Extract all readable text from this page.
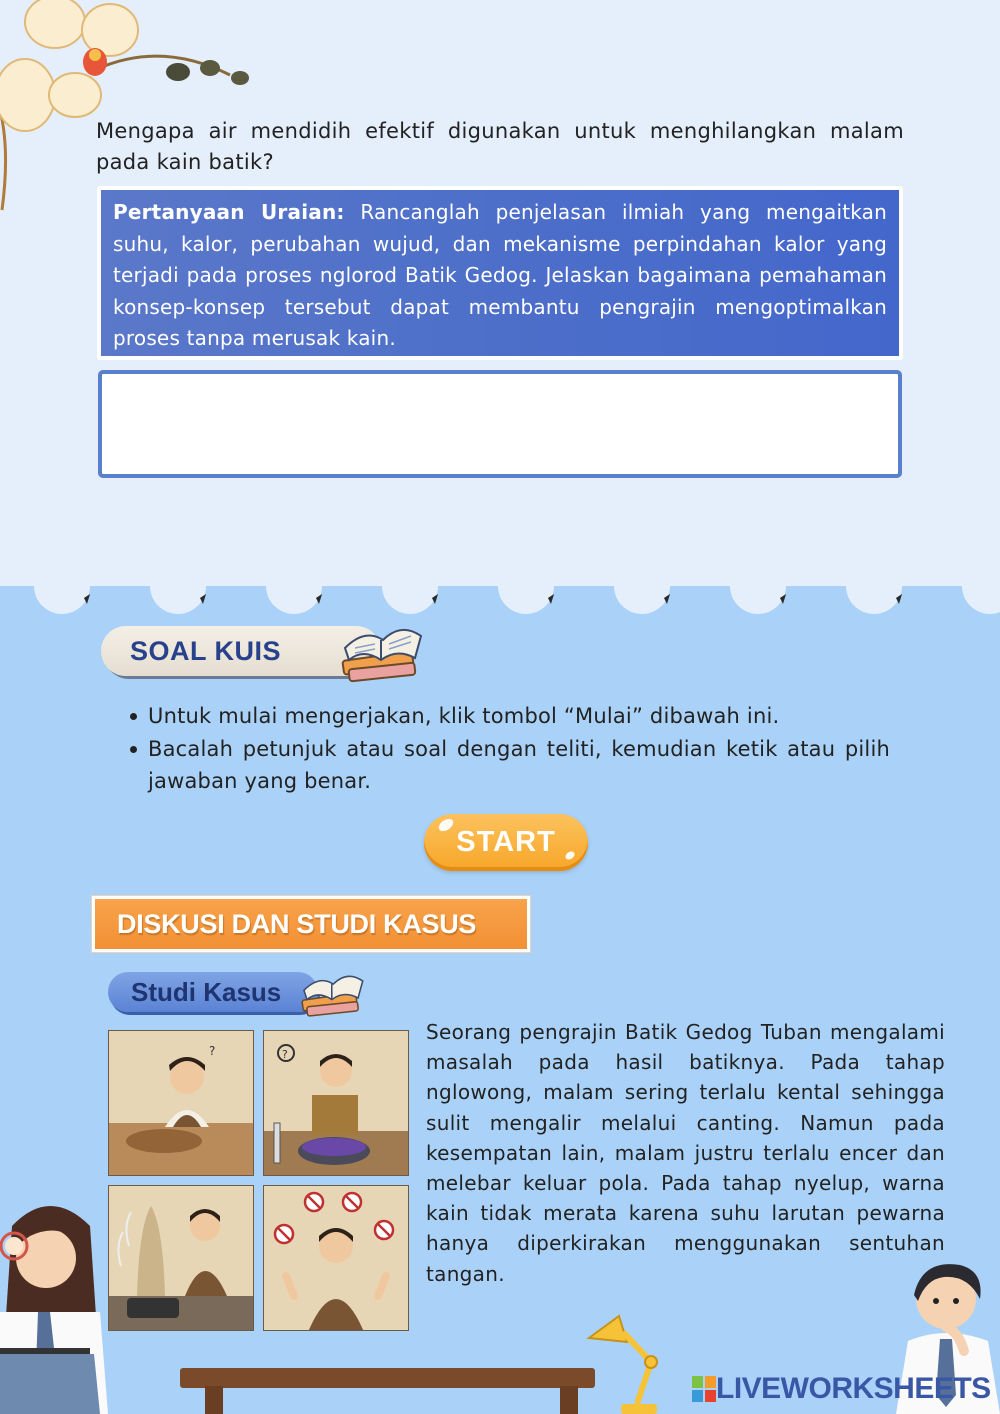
Mengapa air mendidih efektif digunakan untuk menghilangkan malam pada kain batik?
Pertanyaan Uraian: Rancanglah penjelasan ilmiah yang mengaitkan suhu, kalor, perubahan wujud, dan mekanisme perpindahan kalor yang terjadi pada proses nglorod Batik Gedog. Jelaskan bagaimana pemahaman konsep-konsep tersebut dapat membantu pengrajin mengoptimalkan proses tanpa merusak kain.
SOAL KUIS
Untuk mulai mengerjakan, klik tombol “Mulai” dibawah ini.
Bacalah petunjuk atau soal dengan teliti, kemudian ketik atau pilih jawaban yang benar.
START
DISKUSI DAN STUDI KASUS
Studi Kasus
?	?
Seorang pengrajin Batik Gedog Tuban mengalami masalah pada hasil batiknya. Pada tahap nglowong, malam sering terlalu kental sehingga sulit mengalir melalui canting. Namun pada kesempatan lain, malam justru terlalu encer dan melebar keluar pola. Pada tahap nyelup, warna kain tidak merata karena suhu larutan pewarna hanya diperkirakan menggunakan sentuhan tangan.
LIVEWORKSHEETS
